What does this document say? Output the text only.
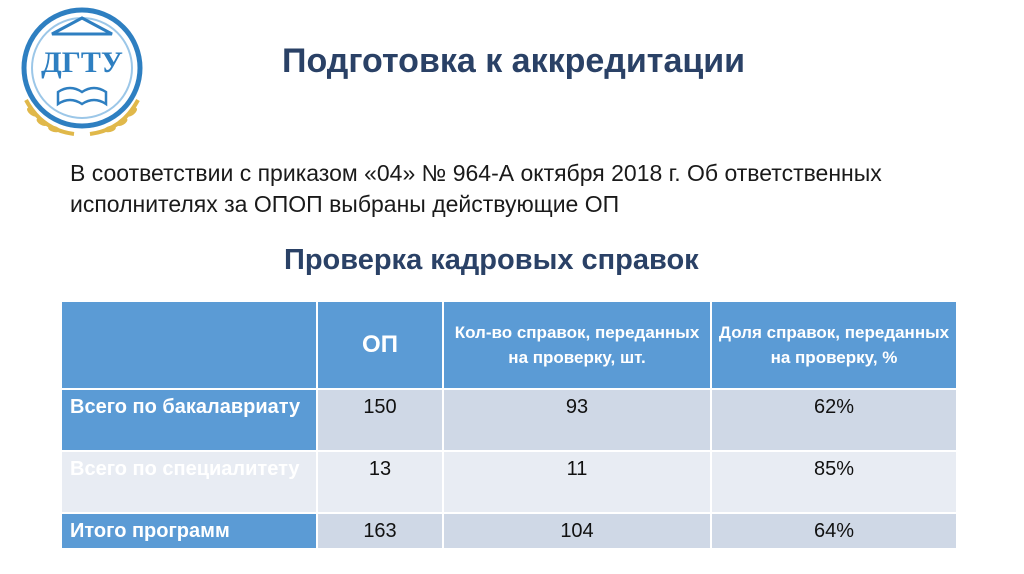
ДГТУ	Подготовка к аккредитации
В соответствии с приказом «04» № 964-А октября 2018 г. Об ответственных исполнителях за ОПОП выбраны действующие ОП
Проверка кадровых справок
	ОП	Кол-во справок, переданных на проверку, шт.	Доля справок, переданных на проверку, %
Всего по бакалавриату	150	93	62%
Всего по специалитету	13	11	85%
Итого программ	163	104	64%
